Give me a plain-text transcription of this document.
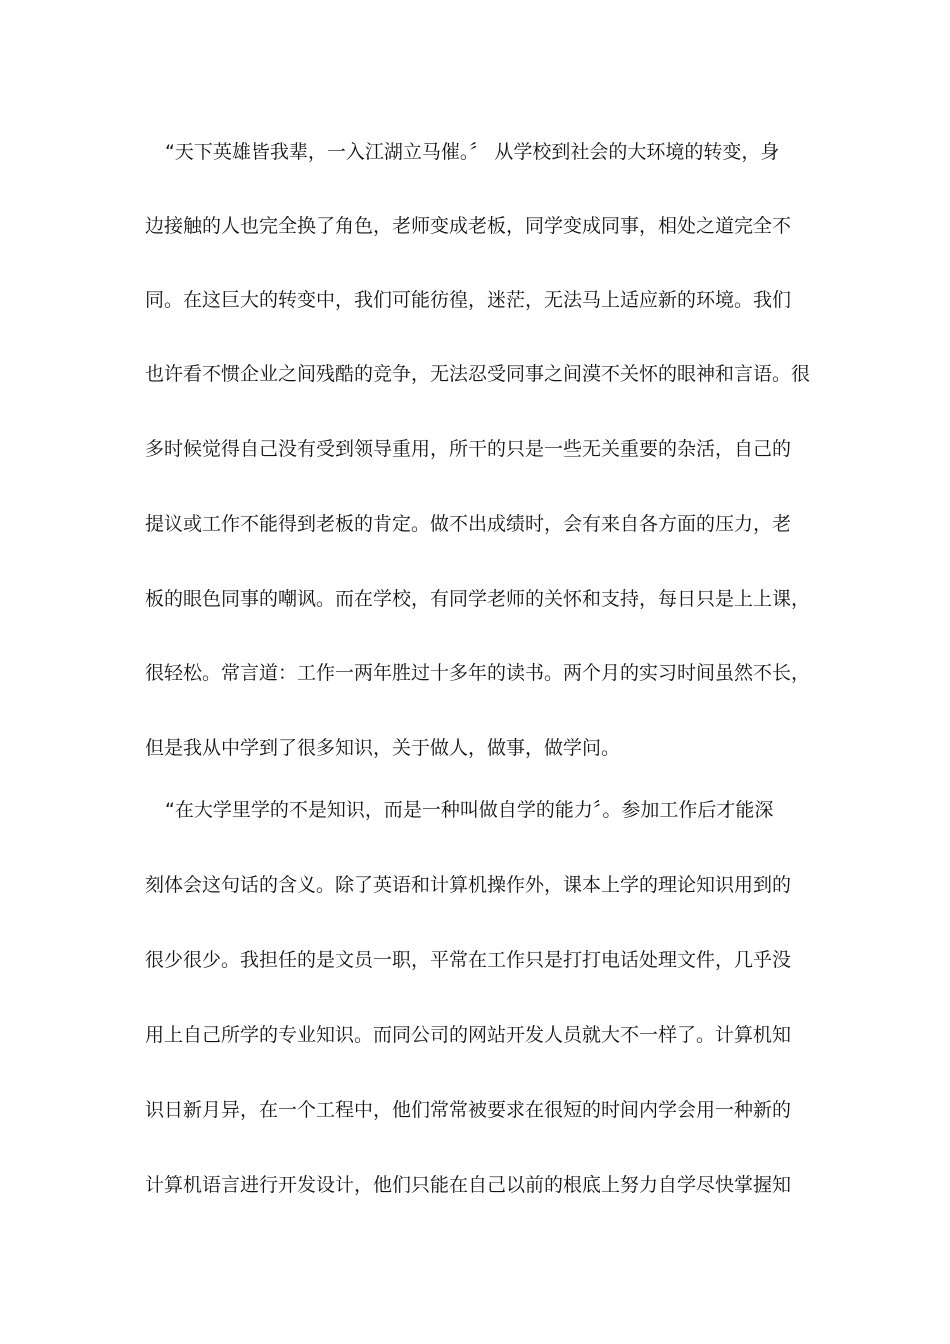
“天下英雄皆我辈，一入江湖立马催。〞 从学校到社会的大环境的转变，身
边接触的人也完全换了角色，老师变成老板，同学变成同事，相处之道完全不
同。在这巨大的转变中，我们可能彷徨，迷茫，无法马上适应新的环境。我们
也许看不惯企业之间残酷的竞争，无法忍受同事之间漠不关怀的眼神和言语。很
多时候觉得自己没有受到领导重用，所干的只是一些无关重要的杂活，自己的
提议或工作不能得到老板的肯定。做不出成绩时，会有来自各方面的压力，老
板的眼色同事的嘲讽。而在学校，有同学老师的关怀和支持，每日只是上上课，
很轻松。常言道：工作一两年胜过十多年的读书。两个月的实习时间虽然不长，
但是我从中学到了很多知识，关于做人，做事，做学问。
“在大学里学的不是知识，而是一种叫做自学的能力〞。参加工作后才能深
刻体会这句话的含义。除了英语和计算机操作外，课本上学的理论知识用到的
很少很少。我担任的是文员一职，平常在工作只是打打电话处理文件，几乎没
用上自己所学的专业知识。而同公司的网站开发人员就大不一样了。计算机知
识日新月异，在一个工程中，他们常常被要求在很短的时间内学会用一种新的
计算机语言进行开发设计，他们只能在自己以前的根底上努力自学尽快掌握知
